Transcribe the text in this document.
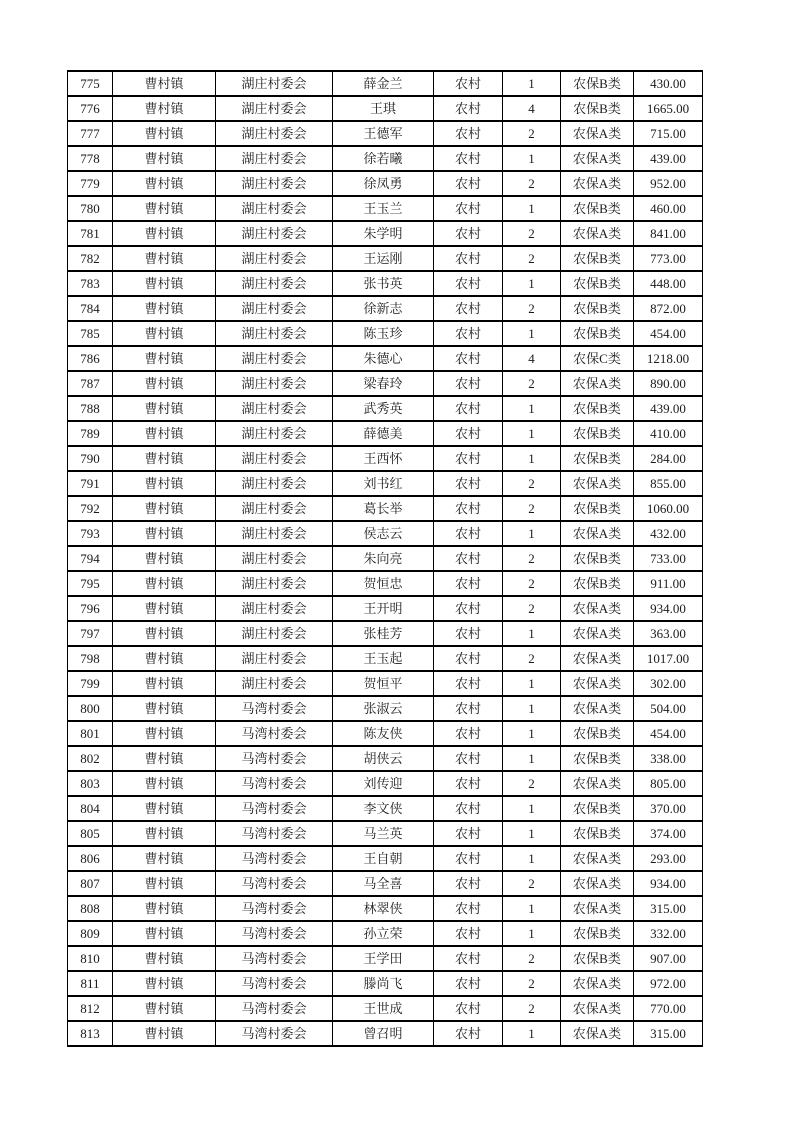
775	曹村镇	湖庄村委会	薛金兰	农村	1	农保B类	430.00
776	曹村镇	湖庄村委会	王琪	农村	4	农保B类	1665.00
777	曹村镇	湖庄村委会	王德军	农村	2	农保A类	715.00
778	曹村镇	湖庄村委会	徐若曦	农村	1	农保A类	439.00
779	曹村镇	湖庄村委会	徐凤勇	农村	2	农保A类	952.00
780	曹村镇	湖庄村委会	王玉兰	农村	1	农保B类	460.00
781	曹村镇	湖庄村委会	朱学明	农村	2	农保A类	841.00
782	曹村镇	湖庄村委会	王运刚	农村	2	农保B类	773.00
783	曹村镇	湖庄村委会	张书英	农村	1	农保B类	448.00
784	曹村镇	湖庄村委会	徐新志	农村	2	农保B类	872.00
785	曹村镇	湖庄村委会	陈玉珍	农村	1	农保B类	454.00
786	曹村镇	湖庄村委会	朱德心	农村	4	农保C类	1218.00
787	曹村镇	湖庄村委会	梁春玲	农村	2	农保A类	890.00
788	曹村镇	湖庄村委会	武秀英	农村	1	农保B类	439.00
789	曹村镇	湖庄村委会	薛德美	农村	1	农保B类	410.00
790	曹村镇	湖庄村委会	王西怀	农村	1	农保B类	284.00
791	曹村镇	湖庄村委会	刘书红	农村	2	农保A类	855.00
792	曹村镇	湖庄村委会	葛长举	农村	2	农保B类	1060.00
793	曹村镇	湖庄村委会	侯志云	农村	1	农保A类	432.00
794	曹村镇	湖庄村委会	朱向亮	农村	2	农保B类	733.00
795	曹村镇	湖庄村委会	贺恒忠	农村	2	农保B类	911.00
796	曹村镇	湖庄村委会	王开明	农村	2	农保A类	934.00
797	曹村镇	湖庄村委会	张桂芳	农村	1	农保A类	363.00
798	曹村镇	湖庄村委会	王玉起	农村	2	农保A类	1017.00
799	曹村镇	湖庄村委会	贺恒平	农村	1	农保A类	302.00
800	曹村镇	马湾村委会	张淑云	农村	1	农保A类	504.00
801	曹村镇	马湾村委会	陈友侠	农村	1	农保B类	454.00
802	曹村镇	马湾村委会	胡侠云	农村	1	农保B类	338.00
803	曹村镇	马湾村委会	刘传迎	农村	2	农保A类	805.00
804	曹村镇	马湾村委会	李文侠	农村	1	农保B类	370.00
805	曹村镇	马湾村委会	马兰英	农村	1	农保B类	374.00
806	曹村镇	马湾村委会	王自朝	农村	1	农保A类	293.00
807	曹村镇	马湾村委会	马全喜	农村	2	农保A类	934.00
808	曹村镇	马湾村委会	林翠侠	农村	1	农保A类	315.00
809	曹村镇	马湾村委会	孙立荣	农村	1	农保B类	332.00
810	曹村镇	马湾村委会	王学田	农村	2	农保B类	907.00
811	曹村镇	马湾村委会	滕尚飞	农村	2	农保A类	972.00
812	曹村镇	马湾村委会	王世成	农村	2	农保A类	770.00
813	曹村镇	马湾村委会	曾召明	农村	1	农保A类	315.00
